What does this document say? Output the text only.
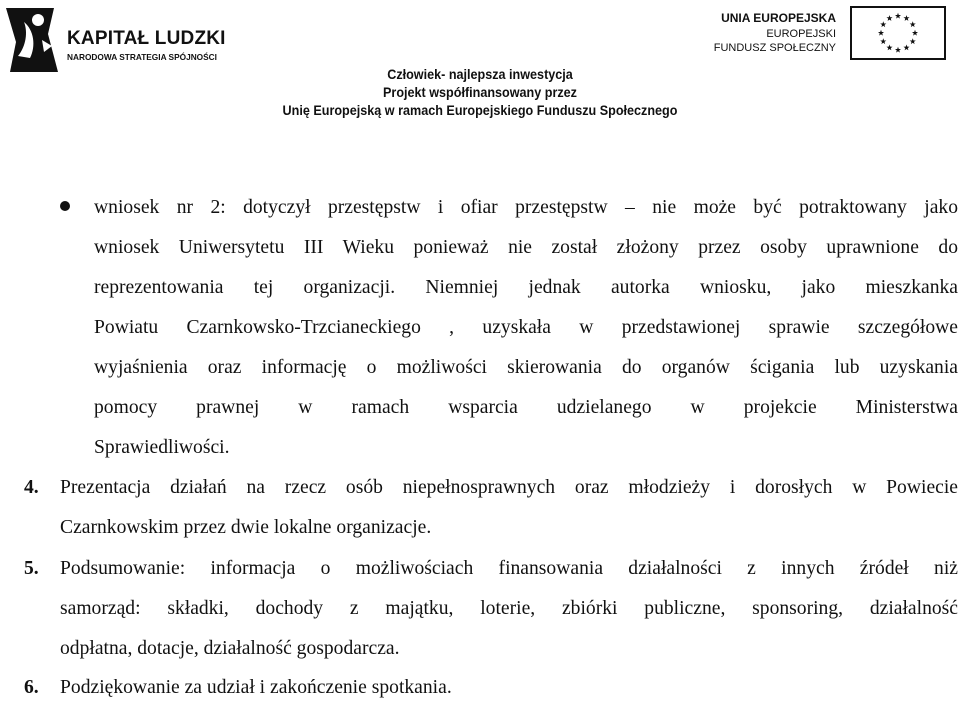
KAPITAŁ LUDZKI
NARODOWA STRATEGIA SPÓJNOŚCI
UNIA EUROPEJSKA
EUROPEJSKI
FUNDUSZ SPOŁECZNY
Człowiek- najlepsza inwestycja
Projekt współfinansowany przez
Unię Europejską w ramach Europejskiego Funduszu Społecznego
wniosek nr 2: dotyczył przestępstw i ofiar przestępstw – nie może być potraktowany jako
wniosek Uniwersytetu III Wieku ponieważ nie został złożony przez osoby uprawnione do
reprezentowania tej organizacji. Niemniej jednak autorka wniosku, jako mieszkanka
Powiatu Czarnkowsko-Trzcianeckiego , uzyskała w przedstawionej sprawie szczegółowe
wyjaśnienia oraz informację o możliwości skierowania do organów ścigania lub uzyskania
pomocy prawnej w ramach wsparcia udzielanego w projekcie Ministerstwa
Sprawiedliwości.
4. Prezentacja działań na rzecz osób niepełnosprawnych oraz młodzieży i dorosłych w Powiecie
Czarnkowskim przez dwie lokalne organizacje.
5. Podsumowanie: informacja o możliwościach finansowania działalności z innych źródeł niż
samorząd: składki, dochody z majątku, loterie, zbiórki publiczne, sponsoring, działalność
odpłatna, dotacje, działalność gospodarcza.
6. Podziękowanie za udział i zakończenie spotkania.
